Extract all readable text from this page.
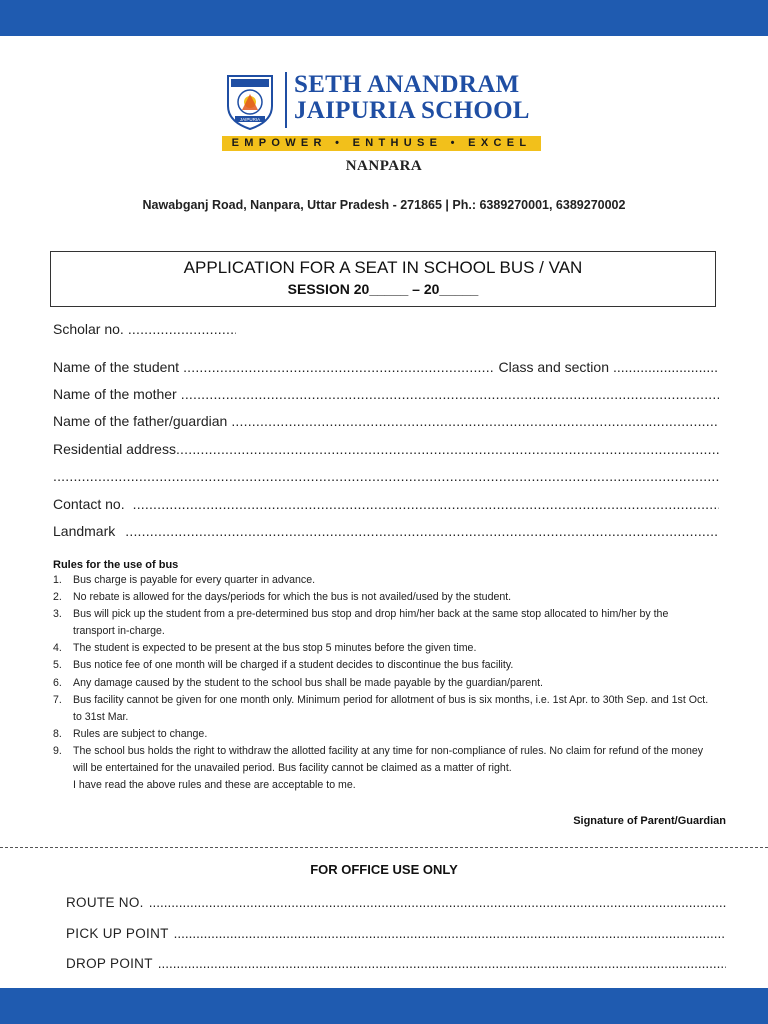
JAIPURIA
SETH ANANDRAM
JAIPURIA SCHOOL
EMPOWER • ENTHUSE • EXCEL
NANPARA
Nawabganj Road, Nanpara, Uttar Pradesh - 271865 | Ph.: 6389270001, 6389270002
APPLICATION FOR A SEAT IN SCHOOL BUS / VAN
SESSION 20_____ – 20_____
Scholar no.
.....
Name of the student
.....	Class and section
.....
Name of the mother
.....
Name of the father/guardian
.....
Residential address
.....
.....
Contact no.
.....
Landmark
.....
Rules for the use of bus
1.	Bus charge is payable for every quarter in advance.
2.	No rebate is allowed for the days/periods for which the bus is not availed/used by the student.
3.	Bus will pick up the student from a pre-determined bus stop and drop him/her back at the same stop allocated to him/her by the transport in-charge.
4.	The student is expected to be present at the bus stop 5 minutes before the given time.
5.	Bus notice fee of one month will be charged if a student decides to discontinue the bus facility.
6.	Any damage caused by the student to the school bus shall be made payable by the guardian/parent.
7.	Bus facility cannot be given for one month only. Minimum period for allotment of bus is six months, i.e. 1st Apr. to 30th Sep. and 1st Oct. to 31st Mar.
8.	Rules are subject to change.
9.	The school bus holds the right to withdraw the allotted facility at any time for non-compliance of rules. No claim for refund of the money will be entertained for the unavailed period. Bus facility cannot be claimed as a matter of right.
I have read the above rules and these are acceptable to me.
Signature of Parent/Guardian
FOR OFFICE USE ONLY
ROUTE NO.
.....
PICK UP POINT
.....
DROP POINT
.....
